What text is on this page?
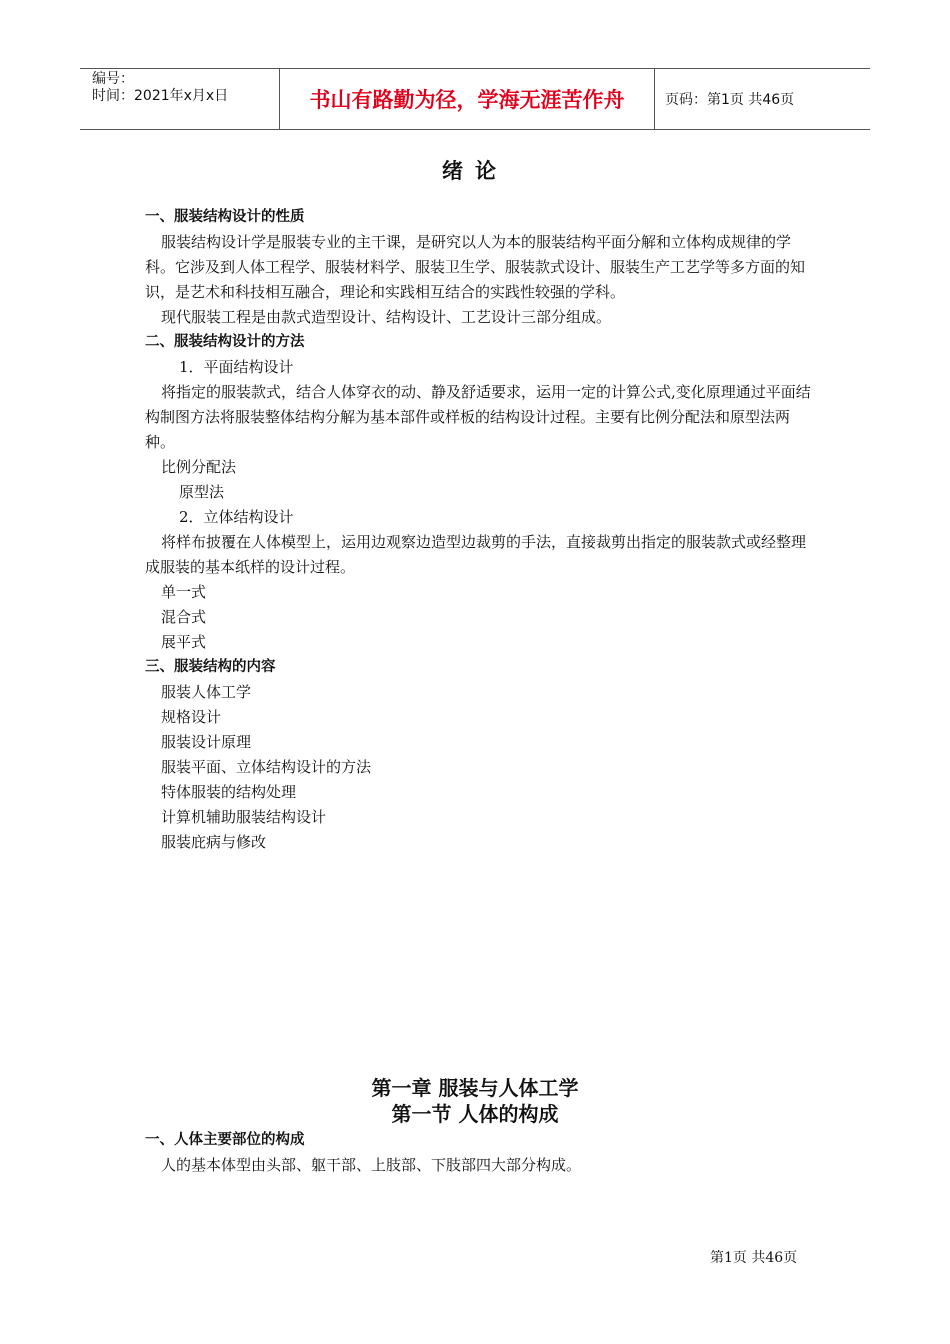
编号：
时间：2021年x月x日	书山有路勤为径，学海无涯苦作舟	页码：第1页 共46页
绪论

一、服装结构设计的性质

服装结构设计学是服装专业的主干课，是研究以人为本的服装结构平面分解和立体构成规律的学科。它涉及到人体工程学、服装材料学、服装卫生学、服装款式设计、服装生产工艺学等多方面的知识，是艺术和科技相互融合，理论和实践相互结合的实践性较强的学科。

现代服装工程是由款式造型设计、结构设计、工艺设计三部分组成。

二、服装结构设计的方法

1．平面结构设计

将指定的服装款式，结合人体穿衣的动、静及舒适要求，运用一定的计算公式,变化原理通过平面结构制图方法将服装整体结构分解为基本部件或样板的结构设计过程。主要有比例分配法和原型法两种。

比例分配法

原型法

2．立体结构设计

将样布披覆在人体模型上，运用边观察边造型边裁剪的手法，直接裁剪出指定的服装款式或经整理成服装的基本纸样的设计过程。

单一式

混合式

展平式

三、服装结构的内容

服装人体工学

规格设计

服装设计原理

服装平面、立体结构设计的方法

特体服装的结构处理

计算机辅助服装结构设计

服装庇病与修改

第一章 服装与人体工学
第一节 人体的构成

一、人体主要部位的构成

人的基本体型由头部、躯干部、上肢部、下肢部四大部分构成。

第1页 共46页
